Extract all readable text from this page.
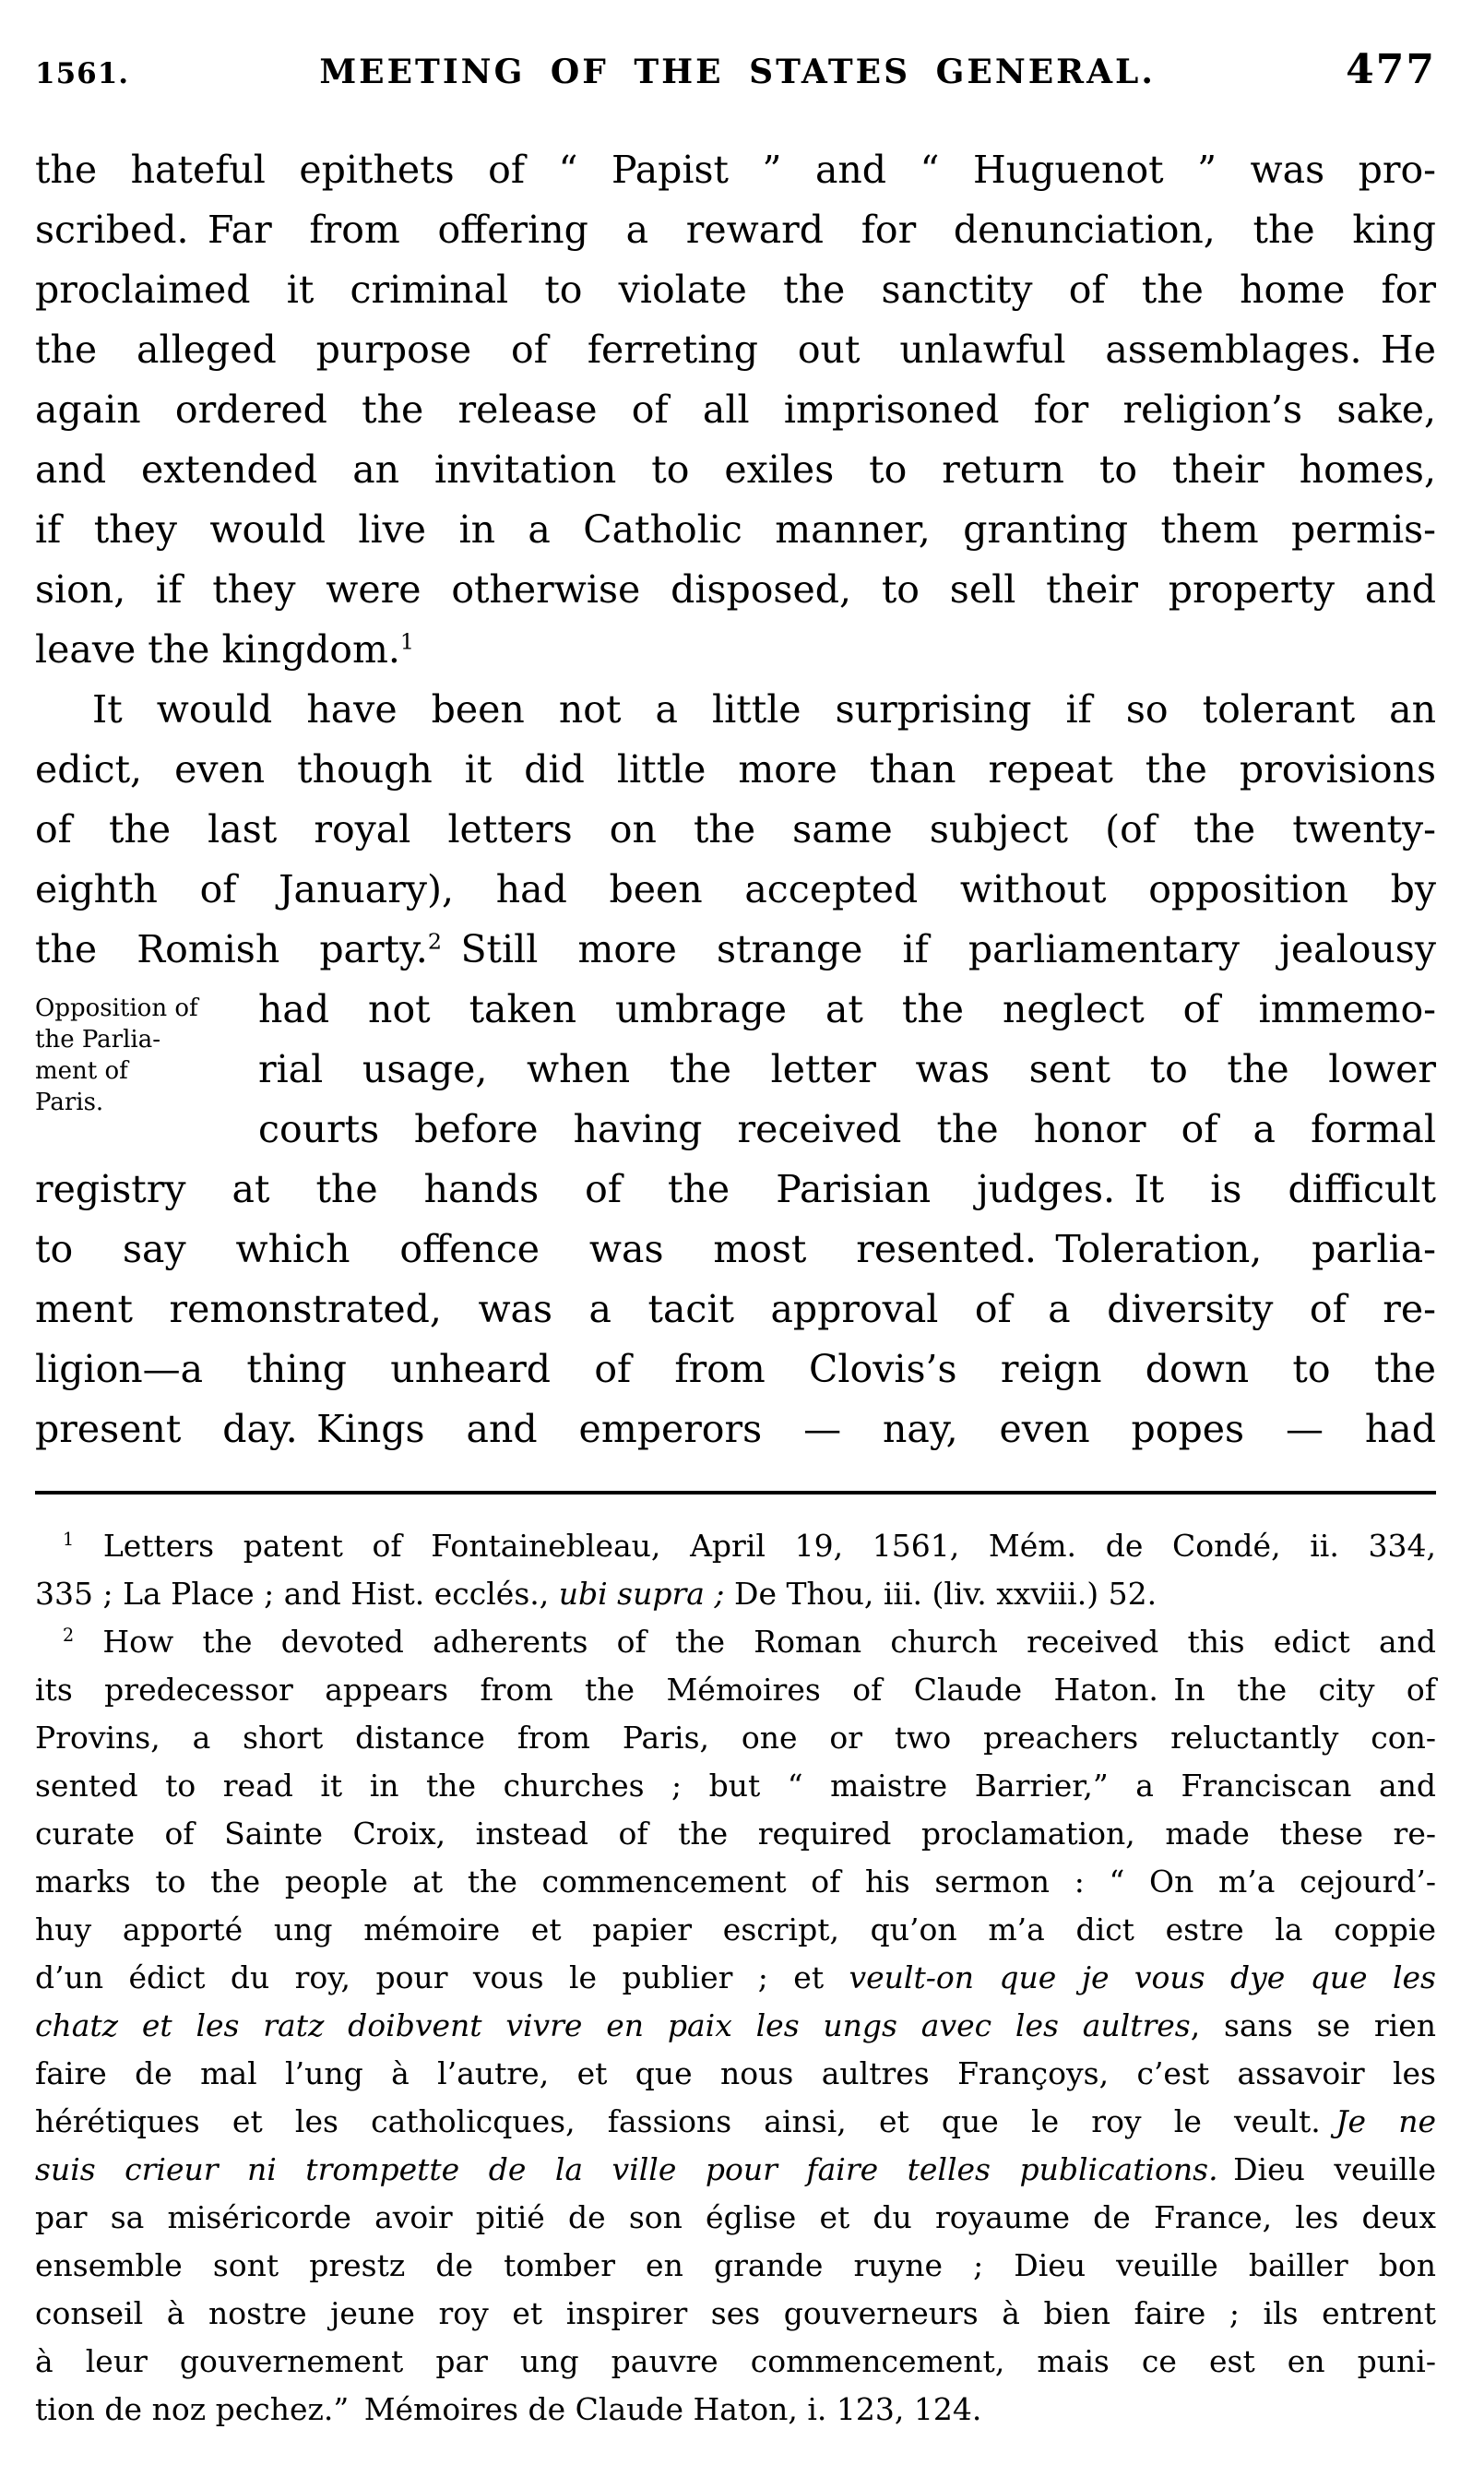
1561.	MEETING OF THE STATES GENERAL.	477
Opposition of
the Parlia-
ment of
Paris.
the hateful epithets of “ Papist ” and “ Huguenot ” was pro-
scribed. Far from offering a reward for denunciation, the king
proclaimed it criminal to violate the sanctity of the home for
the alleged purpose of ferreting out unlawful assemblages. He
again ordered the release of all imprisoned for religion’s sake,
and extended an invitation to exiles to return to their homes,
if they would live in a Catholic manner, granting them permis-
sion, if they were otherwise disposed, to sell their property and
leave the kingdom.$^1$
It would have been not a little surprising if so tolerant an
edict, even though it did little more than repeat the provisions
of the last royal letters on the same subject (of the twenty-
eighth of January), had been accepted without opposition by
the Romish party.$^2$ Still more strange if parliamentary jealousy
had not taken umbrage at the neglect of immemo-
rial usage, when the letter was sent to the lower
courts before having received the honor of a formal
registry at the hands of the Parisian judges. It is difficult
to say which offence was most resented. Toleration, parlia-
ment remonstrated, was a tacit approval of a diversity of re-
ligion—a thing unheard of from Clovis’s reign down to the
present day. Kings and emperors — nay, even popes — had
$^1$ Letters patent of Fontainebleau, April 19, 1561, Mém. de Condé, ii. 334,
335 ; La Place ; and Hist. ecclés., ubi supra ; De Thou, iii. (liv. xxviii.) 52.
$^2$ How the devoted adherents of the Roman church received this edict and
its predecessor appears from the Mémoires of Claude Haton. In the city of
Provins, a short distance from Paris, one or two preachers reluctantly con-
sented to read it in the churches ; but “ maistre Barrier,” a Franciscan and
curate of Sainte Croix, instead of the required proclamation, made these re-
marks to the people at the commencement of his sermon : “ On m’a cejourd’-
huy apporté ung mémoire et papier escript, qu’on m’a dict estre la coppie
d’un édict du roy, pour vous le publier ; et veult-on que je vous dye que les
chatz et les ratz doibvent vivre en paix les ungs avec les aultres, sans se rien
faire de mal l’ung à l’autre, et que nous aultres Françoys, c’est assavoir les
hérétiques et les catholicques, fassions ainsi, et que le roy le veult. Je ne
suis crieur ni trompette de la ville pour faire telles publications. Dieu veuille
par sa miséricorde avoir pitié de son église et du royaume de France, les deux
ensemble sont prestz de tomber en grande ruyne ; Dieu veuille bailler bon
conseil à nostre jeune roy et inspirer ses gouverneurs à bien faire ; ils entrent
à leur gouvernement par ung pauvre commencement, mais ce est en puni-
tion de noz pechez.” Mémoires de Claude Haton, i. 123, 124.
